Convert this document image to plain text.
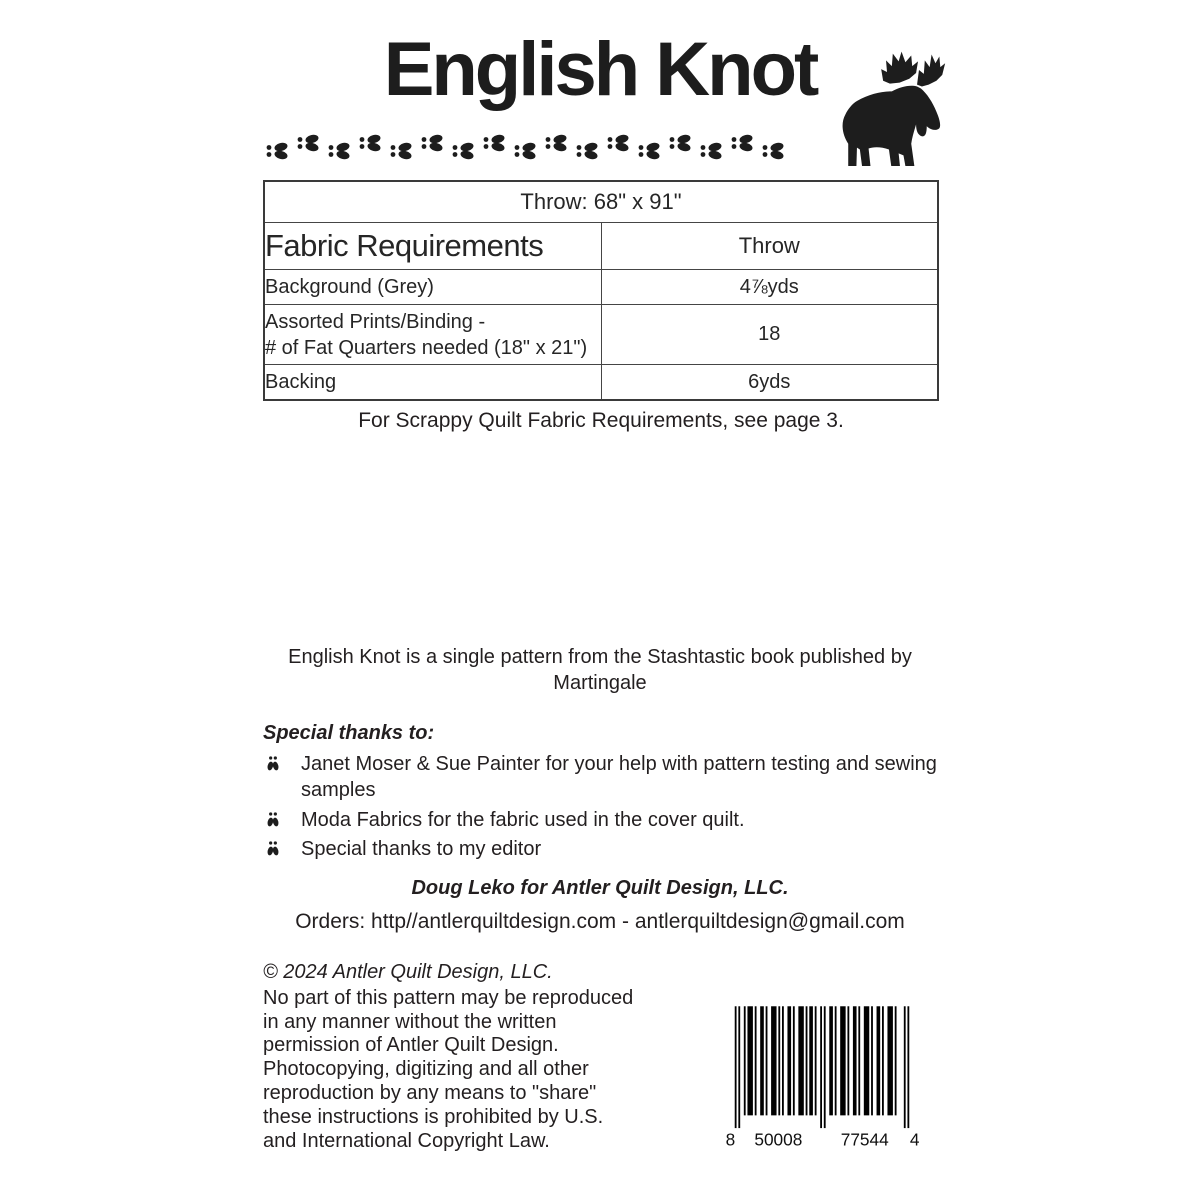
English Knot
Throw: 68" x 91"	
Fabric Requirements	Throw
Background (Grey)	4⅞yds

Assorted Prints/Binding -
# of Fat Quarters needed (18" x 21")	18
Backing	6yds
For Scrappy Quilt Fabric Requirements, see page 3.
English Knot is a single pattern from the Stashtastic book published by Martingale

Special thanks to:

Janet Moser & Sue Painter for your help with pattern testing and sewing samples
Moda Fabrics for the fabric used in the cover quilt.
Special thanks to my editor
Doug Leko for Antler Quilt Design, LLC.
Orders: http//antlerquiltdesign.com - antlerquiltdesign@gmail.com
© 2024 Antler Quilt Design, LLC.
No part of this pattern may be reproduced
in any manner without the written
permission of Antler Quilt Design.
Photocopying, digitizing and all other
reproduction by any means to "share"
these instructions is prohibited by U.S.
and International Copyright Law.	8 50008 77544 4
